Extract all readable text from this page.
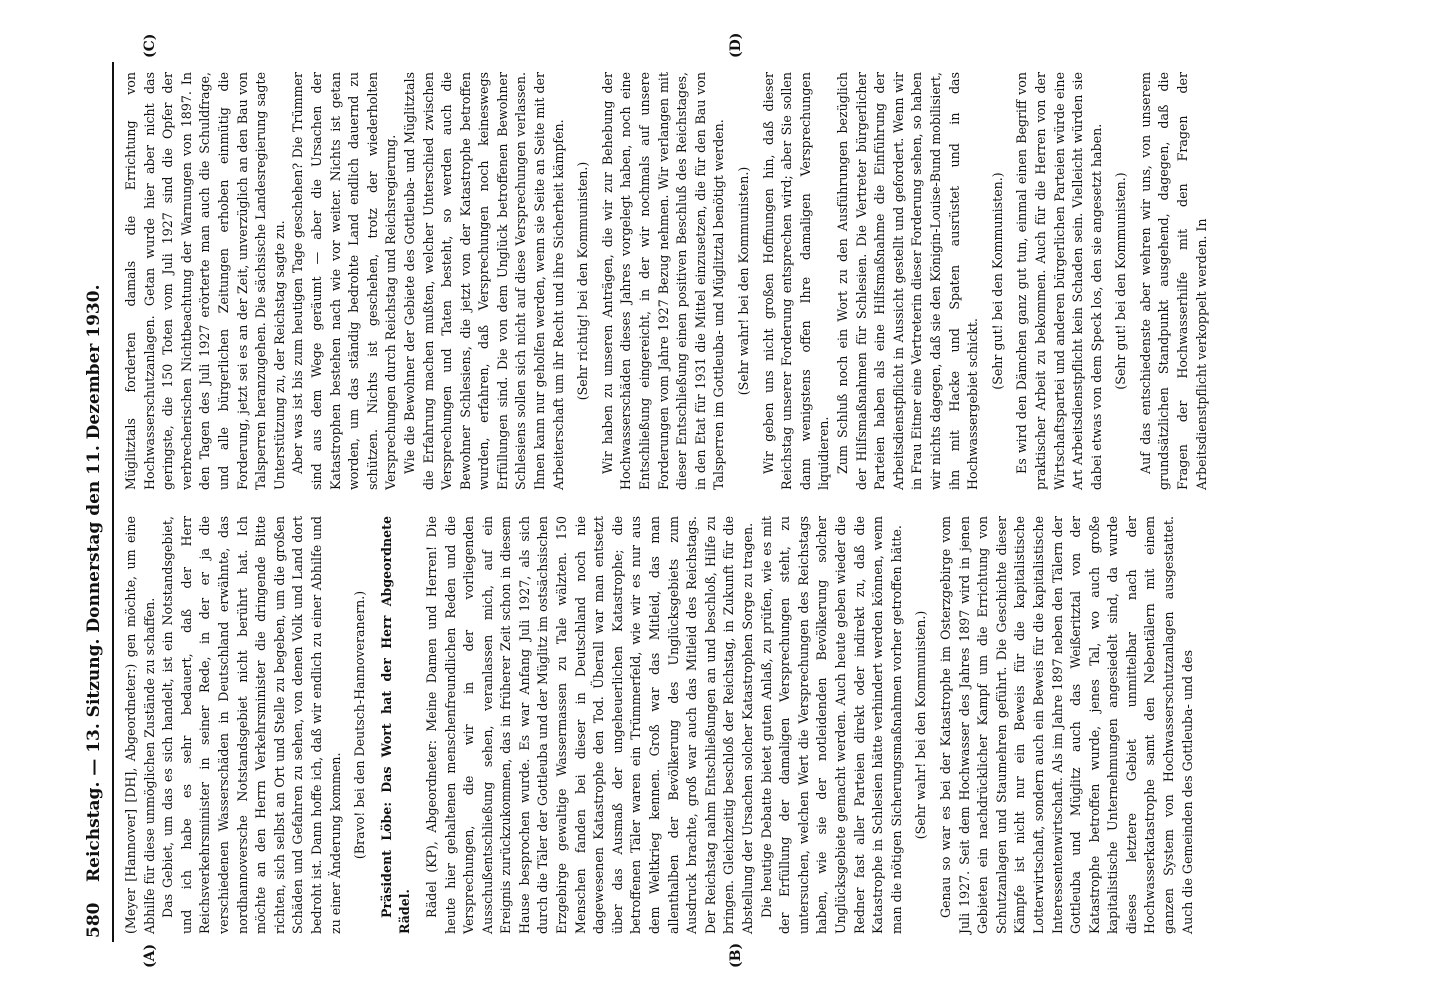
580
Reichstag. — 13. Sitzung. Donnerstag den 11. Dezember 1930.
(A)	(B)
(C)	(D)

(Meyer [Hannover] [DH], Abgeordneter:) gen möchte, um eine Abhilfe für diese unmöglichen Zustände zu schaffen. Das Gebiet, um das es sich handelt, ist ein Notstandsgebiet, und ich habe es sehr bedauert, daß der Herr Reichsverkehrsminister in seiner Rede, in der er ja die verschiedenen Wasserschäden in Deutschland erwähnte, das nordhannoversche Notstandsgebiet nicht berührt hat. Ich möchte an den Herrn Verkehrsminister die dringende Bitte richten, sich selbst an Ort und Stelle zu begeben, um die großen Schäden und Gefahren zu sehen, von denen Volk und Land dort bedroht ist. Dann hoffe ich, daß wir endlich zu einer Abhilfe und zu einer Änderung kommen. (Bravo! bei den Deutsch-Hannoveranern.) Präsident Löbe: Das Wort hat der Herr Abgeordnete Rädel. Rädel (KP), Abgeordneter: Meine Damen und Herren! Die heute hier gehaltenen menschenfreundlichen Reden und die Versprechungen, die wir in der vorliegenden Ausschußentschließung sehen, veranlassen mich, auf ein Ereignis zurückzukommen, das in früherer Zeit schon in diesem Hause besprochen wurde. Es war Anfang Juli 1927, als sich durch die Täler der Gottleuba und der Müglitz im ostsächsischen Erzgebirge gewaltige Wassermassen zu Tale wälzten. 150 Menschen fanden bei dieser in Deutschland noch nie dagewesenen Katastrophe den Tod. Überall war man entsetzt über das Ausmaß der ungeheuerlichen Katastrophe; die betroffenen Täler waren ein Trümmerfeld, wie wir es nur aus dem Weltkrieg kennen. Groß war das Mitleid, das man allenthalben der Bevölkerung des Unglücksgebiets zum Ausdruck brachte, groß war auch das Mitleid des Reichstags. Der Reichstag nahm Entschließungen an und beschloß, Hilfe zu bringen. Gleichzeitig beschloß der Reichstag, in Zukunft für die Abstellung der Ursachen solcher Katastrophen Sorge zu tragen. Die heutige Debatte bietet guten Anlaß, zu prüfen, wie es mit der Erfüllung der damaligen Versprechungen steht, zu untersuchen, welchen Wert die Versprechungen des Reichstags haben, wie sie der notleidenden Bevölkerung solcher Unglücksgebiete gemacht werden. Auch heute geben wieder die Redner fast aller Parteien direkt oder indirekt zu, daß die Katastrophe in Schlesien hätte verhindert werden können, wenn man die nötigen Sicherungsmaßnahmen vorher getroffen hätte. (Sehr wahr! bei den Kommunisten.) Genau so war es bei der Katastrophe im Osterzgebirge vom Juli 1927. Seit dem Hochwasser des Jahres 1897 wird in jenen Gebieten ein nachdrücklicher Kampf um die Errichtung von Schutzanlagen und Staumehren geführt. Die Geschichte dieser Kämpfe ist nicht nur ein Beweis für die kapitalistische Lotterwirtschaft, sondern auch ein Beweis für die kapitalistische Interessentenwirtschaft. Als im Jahre 1897 neben den Tälern der Gottleuba und Müglitz auch das Weißeritztal von der Katastrophe betroffen wurde, jenes Tal, wo auch große kapitalistische Unternehmungen angesiedelt sind, da wurde dieses letztere Gebiet unmittelbar nach der Hochwasserkatastrophe samt den Nebentälern mit einem ganzen System von Hochwasserschutzanlagen ausgestattet. Auch die Gemeinden des Gottleuba- und des

Müglitztals forderten damals die Errichtung von Hochwasserschutzanlagen. Getan wurde hier aber nicht das geringste, die 150 Toten vom Juli 1927 sind die Opfer der verbrecherischen Nichtbeachtung der Warnungen von 1897. In den Tagen des Juli 1927 erörterte man auch die Schuldfrage, und alle bürgerlichen Zeitungen erhoben einmütig die Forderung, jetzt sei es an der Zeit, unverzüglich an den Bau von Talsperren heranzugehen. Die sächsische Landesregierung sagte Unterstützung zu, der Reichstag sagte zu. Aber was ist bis zum heutigen Tage geschehen? Die Trümmer sind aus dem Wege geräumt — aber die Ursachen der Katastrophen bestehen nach wie vor weiter. Nichts ist getan worden, um das ständig bedrohte Land endlich dauernd zu schützen. Nichts ist geschehen, trotz der wiederholten Versprechungen durch Reichstag und Reichsregierung. Wie die Bewohner der Gebiete des Gottleuba- und Müglitztals die Erfahrung machen mußten, welcher Unterschied zwischen Versprechungen und Taten besteht, so werden auch die Bewohner Schlesiens, die jetzt von der Katastrophe betroffen wurden, erfahren, daß Versprechungen noch keineswegs Erfüllungen sind. Die von dem Unglück betroffenen Bewohner Schlesiens sollen sich nicht auf diese Versprechungen verlassen. Ihnen kann nur geholfen werden, wenn sie Seite an Seite mit der Arbeiterschaft um ihr Recht und ihre Sicherheit kämpfen. (Sehr richtig! bei den Kommunisten.) Wir haben zu unseren Anträgen, die wir zur Behebung der Hochwasserschäden dieses Jahres vorgelegt haben, noch eine Entschließung eingereicht, in der wir nochmals auf unsere Forderungen vom Jahre 1927 Bezug nehmen. Wir verlangen mit dieser Entschließung einen positiven Beschluß des Reichstages, in den Etat für 1931 die Mittel einzusetzen, die für den Bau von Talsperren im Gottleuba- und Müglitztal benötigt werden. (Sehr wahr! bei den Kommunisten.) Wir geben uns nicht großen Hoffnungen hin, daß dieser Reichstag unserer Forderung entsprechen wird; aber Sie sollen dann wenigstens offen Ihre damaligen Versprechungen liquidieren. Zum Schluß noch ein Wort zu den Ausführungen bezüglich der Hilfsmaßnahmen für Schlesien. Die Vertreter bürgerlicher Parteien haben als eine Hilfsmaßnahme die Einführung der Arbeitsdienstpflicht in Aussicht gestellt und gefordert. Wenn wir in Frau Eitner eine Vertreterin dieser Forderung sehen, so haben wir nichts dagegen, daß sie den Königin-Louise-Bund mobilisiert, ihn mit Hacke und Spaten ausrüstet und in das Hochwassergebiet schickt.

(Sehr gut! bei den Kommunisten.) Es wird den Dämchen ganz gut tun, einmal einen Begriff von praktischer Arbeit zu bekommen. Auch für die Herren von der Wirtschaftspartei und anderen bürgerlichen Parteien würde eine Art Arbeitsdienstpflicht kein Schaden sein. Vielleicht würden sie dabei etwas von dem Speck los, den sie angesetzt haben. (Sehr gut! bei den Kommunisten.) Auf das entschiedenste aber wehren wir uns, von unserem grundsätzlichen Standpunkt ausgehend, dagegen, daß die Fragen der Hochwasserhilfe mit den Fragen der Arbeitsdienstpflicht verkoppelt werden. In
